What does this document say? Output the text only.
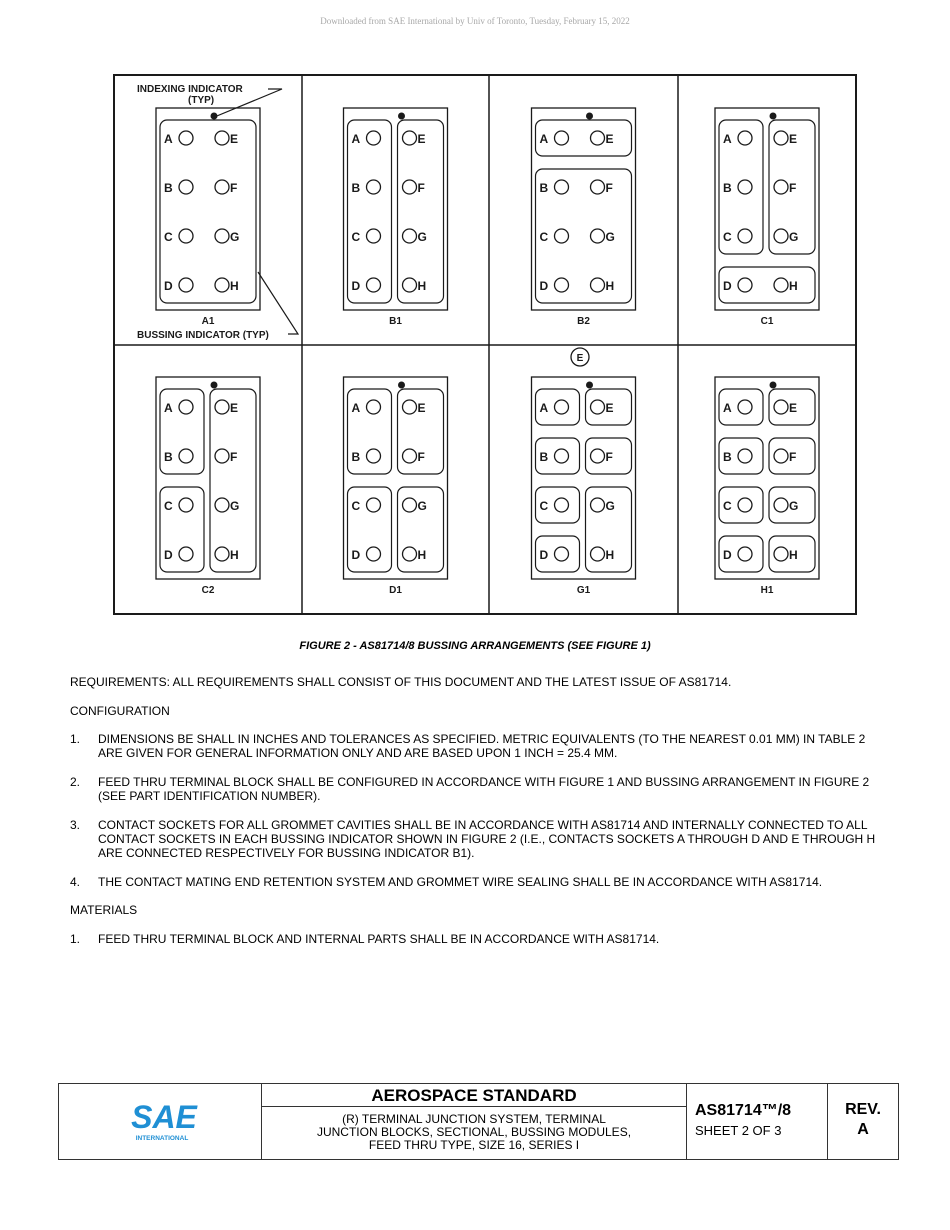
Downloaded from SAE International by Univ of Toronto, Tuesday, February 15, 2022
A
B
C
D
E
F
G
H
A1
A
B
C
D
E
F
G
H
B1
A
B
C
D
E
F
G
H
B2
A
B
C
D
E
F
G
H
C1
A
B
C
D
E
F
G
H
C2
A
B
C
D
E
F
G
H
D1
A
B
C
D
E
F
G
H
G1
A
B
C
D
E
F
G
H
H1
INDEXING INDICATOR
(TYP)
BUSSING INDICATOR (TYP)
E
FIGURE 2 - AS81714/8 BUSSING ARRANGEMENTS (SEE FIGURE 1)
REQUIREMENTS: ALL REQUIREMENTS SHALL CONSIST OF THIS DOCUMENT AND THE LATEST ISSUE OF AS81714.
CONFIGURATION
1. DIMENSIONS BE SHALL IN INCHES AND TOLERANCES AS SPECIFIED. METRIC EQUIVALENTS (TO THE NEAREST 0.01 MM) IN TABLE 2 ARE GIVEN FOR GENERAL INFORMATION ONLY AND ARE BASED UPON 1 INCH = 25.4 MM.
2. FEED THRU TERMINAL BLOCK SHALL BE CONFIGURED IN ACCORDANCE WITH FIGURE 1 AND BUSSING ARRANGEMENT IN FIGURE 2 (SEE PART IDENTIFICATION NUMBER).
3. CONTACT SOCKETS FOR ALL GROMMET CAVITIES SHALL BE IN ACCORDANCE WITH AS81714 AND INTERNALLY CONNECTED TO ALL CONTACT SOCKETS IN EACH BUSSING INDICATOR SHOWN IN FIGURE 2 (I.E., CONTACTS SOCKETS A THROUGH D AND E THROUGH H ARE CONNECTED RESPECTIVELY FOR BUSSING INDICATOR B1).
4. THE CONTACT MATING END RETENTION SYSTEM AND GROMMET WIRE SEALING SHALL BE IN ACCORDANCE WITH AS81714.
MATERIALS
1. FEED THRU TERMINAL BLOCK AND INTERNAL PARTS SHALL BE IN ACCORDANCE WITH AS81714.
SAE
INTERNATIONAL
AEROSPACE STANDARD
(R) TERMINAL JUNCTION SYSTEM, TERMINAL
JUNCTION BLOCKS, SECTIONAL, BUSSING MODULES,
FEED THRU TYPE, SIZE 16, SERIES I
AS81714™/8
SHEET 2 OF 3
REV.
A
